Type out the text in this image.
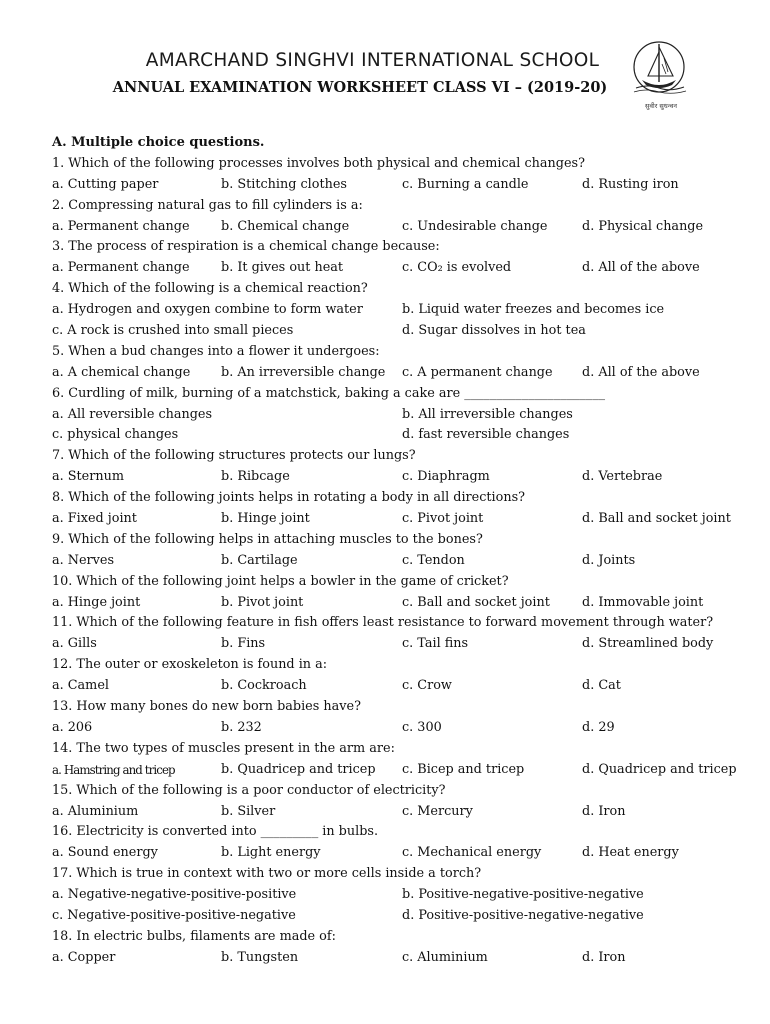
AMARCHAND SINGHVI INTERNATIONAL SCHOOL
ANNUAL EXAMINATION WORKSHEET CLASS VI – (2019-20)
सुवीर सुधन्वन
A. Multiple choice questions.
1. Which of the following processes involves both physical and chemical changes?
a. Cutting paper	b. Stitching clothes	c. Burning a candle	d. Rusting iron
2. Compressing natural gas to fill cylinders is a:
a. Permanent change b. Chemical change	c. Undesirable change	d. Physical change
3. The process of respiration is a chemical change because:
a. Permanent change b. It gives out heat	c. CO₂ is evolved	d. All of the above
4. Which of the following is a chemical reaction?
a. Hydrogen and oxygen combine to form water	b. Liquid water freezes and becomes ice
c. A rock is crushed into small pieces	d. Sugar dissolves in hot tea
5. When a bud changes into a flower it undergoes:
a. A chemical change b. An irreversible change c. A permanent change d. All of the above
6. Curdling of milk, burning of a matchstick, baking a cake are ______________________
a. All reversible changes	b. All irreversible changes
c. physical changes	d. fast reversible changes
7. Which of the following structures protects our lungs?
a. Sternum	b. Ribcage	c. Diaphragm	d. Vertebrae
8. Which of the following joints helps in rotating a body in all directions?
a. Fixed joint	b. Hinge joint	c. Pivot joint	d. Ball and socket joint
9. Which of the following helps in attaching muscles to the bones?
a. Nerves	b. Cartilage	c. Tendon	d. Joints
10. Which of the following joint helps a bowler in the game of cricket?
a. Hinge joint	b. Pivot joint	c. Ball and socket joint	d. Immovable joint
11. Which of the following feature in fish offers least resistance to forward movement through water?
a. Gills	b. Fins	c. Tail fins	d. Streamlined body
12. The outer or exoskeleton is found in a:
a. Camel	b. Cockroach	c. Crow	d. Cat
13. How many bones do new born babies have?
a. 206	b. 232	c. 300	d. 29
14. The two types of muscles present in the arm are:
a. Hamstring and tricep	b. Quadricep and tricep c. Bicep and tricep	d. Quadricep and tricep
15. Which of the following is a poor conductor of electricity?
a. Aluminium	b. Silver	c. Mercury	d. Iron
16. Electricity is converted into _________ in bulbs.
a. Sound energy	b. Light energy	c. Mechanical energy	d. Heat energy
17. Which is true in context with two or more cells inside a torch?
a. Negative-negative-positive-positive	b. Positive-negative-positive-negative
c. Negative-positive-positive-negative	d. Positive-positive-negative-negative
18. In electric bulbs, filaments are made of:
a. Copper	b. Tungsten	c. Aluminium	d. Iron
